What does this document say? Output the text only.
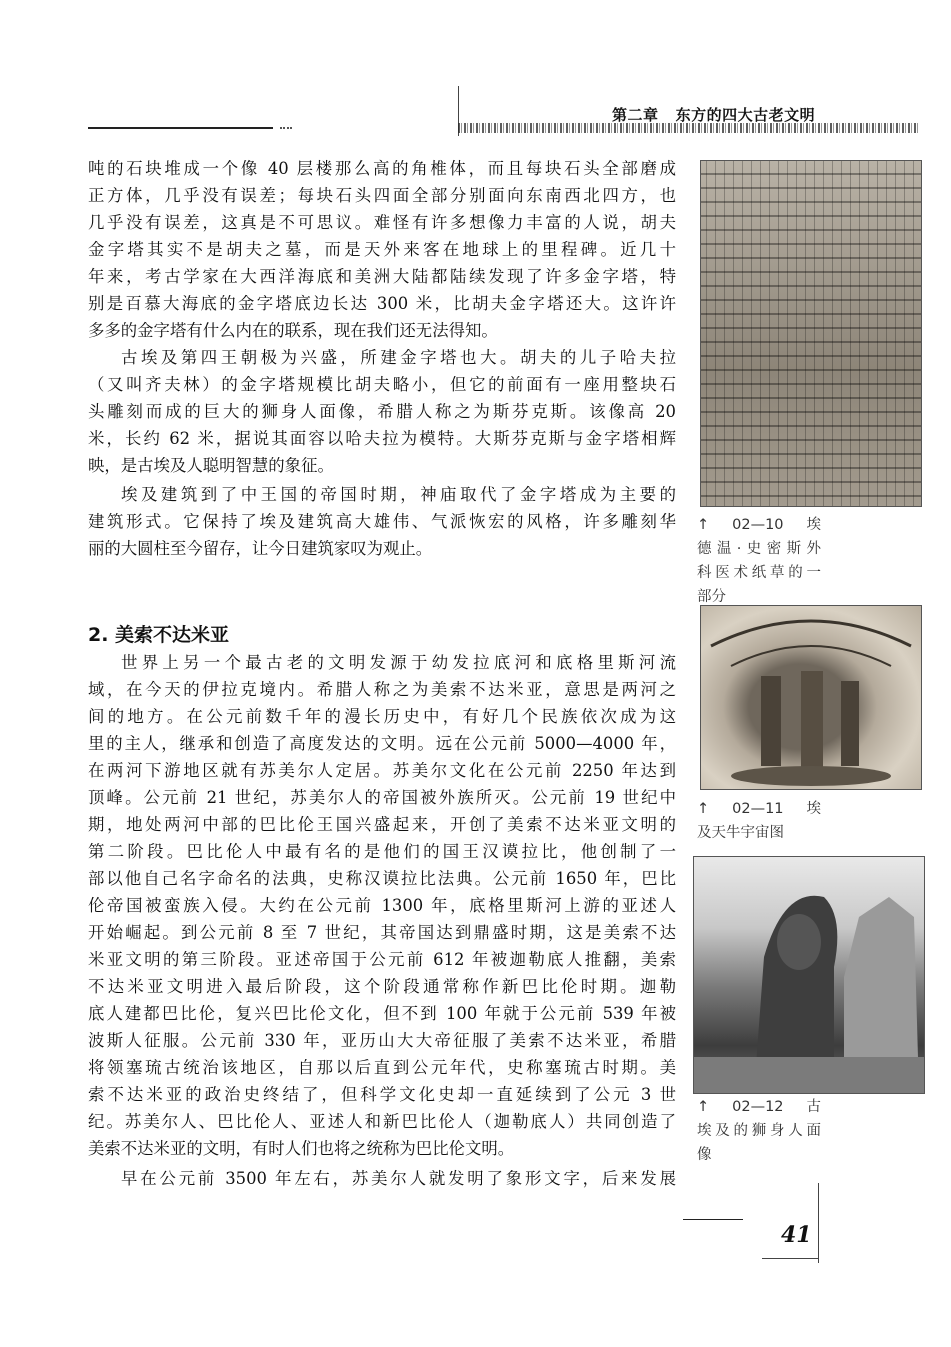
第二章   东方的四大古老文明

吨的石块堆成一个像 40 层楼那么高的角椎体，而且每块石头全部磨成
正方体，几乎没有误差；每块石头四面全部分别面向东南西北四方，也
几乎没有误差，这真是不可思议。难怪有许多想像力丰富的人说，胡夫
金字塔其实不是胡夫之墓，而是天外来客在地球上的里程碑。近几十
年来，考古学家在大西洋海底和美洲大陆都陆续发现了许多金字塔，特
别是百慕大海底的金字塔底边长达 300 米，比胡夫金字塔还大。这许许
多多的金字塔有什么内在的联系，现在我们还无法得知。

古埃及第四王朝极为兴盛，所建金字塔也大。胡夫的儿子哈夫拉
（又叫齐夫林）的金字塔规模比胡夫略小，但它的前面有一座用整块石
头雕刻而成的巨大的狮身人面像，希腊人称之为斯芬克斯。该像高 20
米，长约 62 米，据说其面容以哈夫拉为模特。大斯芬克斯与金字塔相辉
映，是古埃及人聪明智慧的象征。

埃及建筑到了中王国的帝国时期，神庙取代了金字塔成为主要的
建筑形式。它保持了埃及建筑高大雄伟、气派恢宏的风格，许多雕刻华
丽的大圆柱至今留存，让今日建筑家叹为观止。

2. 美索不达米亚

世界上另一个最古老的文明发源于幼发拉底河和底格里斯河流
域，在今天的伊拉克境内。希腊人称之为美索不达米亚，意思是两河之
间的地方。在公元前数千年的漫长历史中，有好几个民族依次成为这
里的主人，继承和创造了高度发达的文明。远在公元前 5000—4000 年，
在两河下游地区就有苏美尔人定居。苏美尔文化在公元前 2250 年达到
顶峰。公元前 21 世纪，苏美尔人的帝国被外族所灭。公元前 19 世纪中
期，地处两河中部的巴比伦王国兴盛起来，开创了美索不达米亚文明的
第二阶段。巴比伦人中最有名的是他们的国王汉谟拉比，他创制了一
部以他自己名字命名的法典，史称汉谟拉比法典。公元前 1650 年，巴比
伦帝国被蛮族入侵。大约在公元前 1300 年，底格里斯河上游的亚述人
开始崛起。到公元前 8 至 7 世纪，其帝国达到鼎盛时期，这是美索不达
米亚文明的第三阶段。亚述帝国于公元前 612 年被迦勒底人推翻，美索
不达米亚文明进入最后阶段，这个阶段通常称作新巴比伦时期。迦勒
底人建都巴比伦，复兴巴比伦文化，但不到 100 年就于公元前 539 年被
波斯人征服。公元前 330 年，亚历山大大帝征服了美索不达米亚，希腊
将领塞琉古统治该地区，自那以后直到公元年代，史称塞琉古时期。美
索不达米亚的政治史终结了，但科学文化史却一直延续到了公元 3 世
纪。苏美尔人、巴比伦人、亚述人和新巴比伦人（迦勒底人）共同创造了
美索不达米亚的文明，有时人们也将之统称为巴比伦文明。

早在公元前 3500 年左右，苏美尔人就发明了象形文字，后来发展

↑ 02—10 埃
德温·史密斯外
科医术纸草的一
部分
↑ 02—11 埃
及天牛宇宙图
↑ 02—12 古
埃及的狮身人面
像
41
